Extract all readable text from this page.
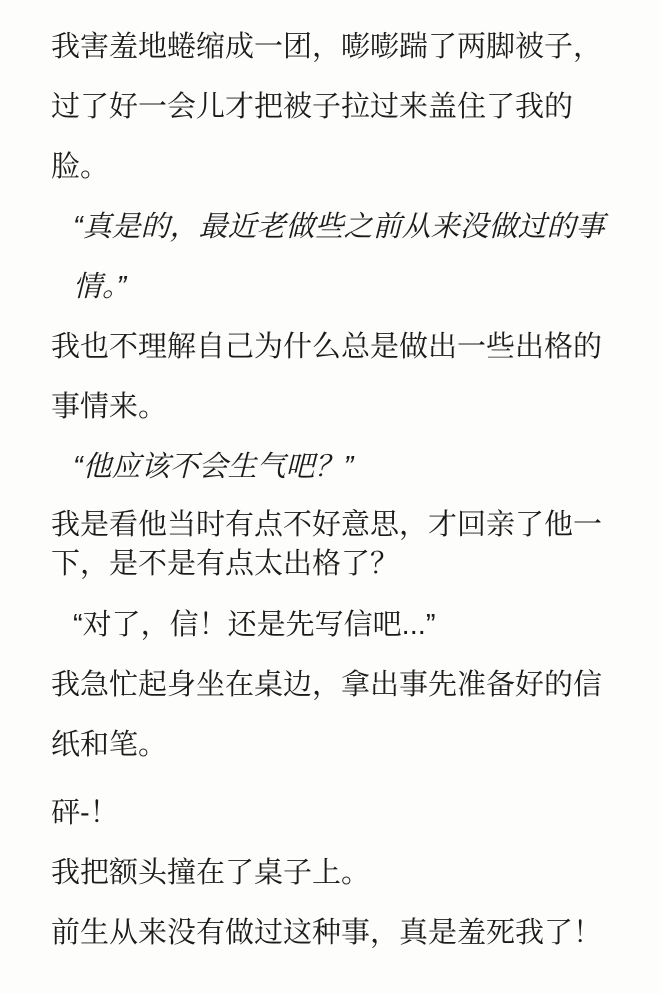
我害羞地蜷缩成一团，嘭嘭踹了两脚被子，过了好一会儿才把被子拉过来盖住了我的脸。

“真是的，最近老做些之前从来没做过的事情。”

我也不理解自己为什么总是做出一些出格的事情来。

“他应该不会生气吧？”

我是看他当时有点不好意思，才回亲了他一下，是不是有点太出格了？

“对了，信！还是先写信吧...”

我急忙起身坐在桌边，拿出事先准备好的信纸和笔。

砰-！

我把额头撞在了桌子上。

前生从来没有做过这种事，真是羞死我了！
